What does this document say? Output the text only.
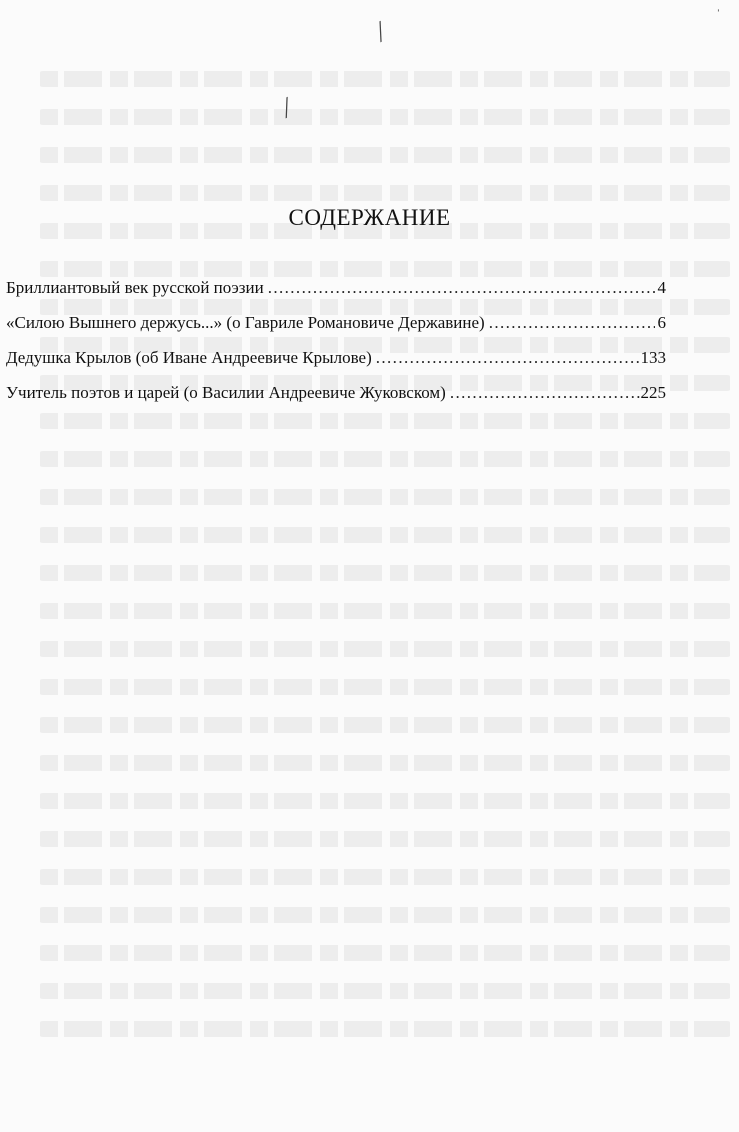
╱
╱
ˈ
СОДЕРЖАНИЕ
Бриллиантовый век русской поэзии .....	4
«Силою Вышнего держусь...» (о Гавриле Романовиче Державине) .....	6
Дедушка Крылов (об Иване Андреевиче Крылове) .....	133
Учитель поэтов и царей (о Василии Андреевиче Жуковском) .....	225
